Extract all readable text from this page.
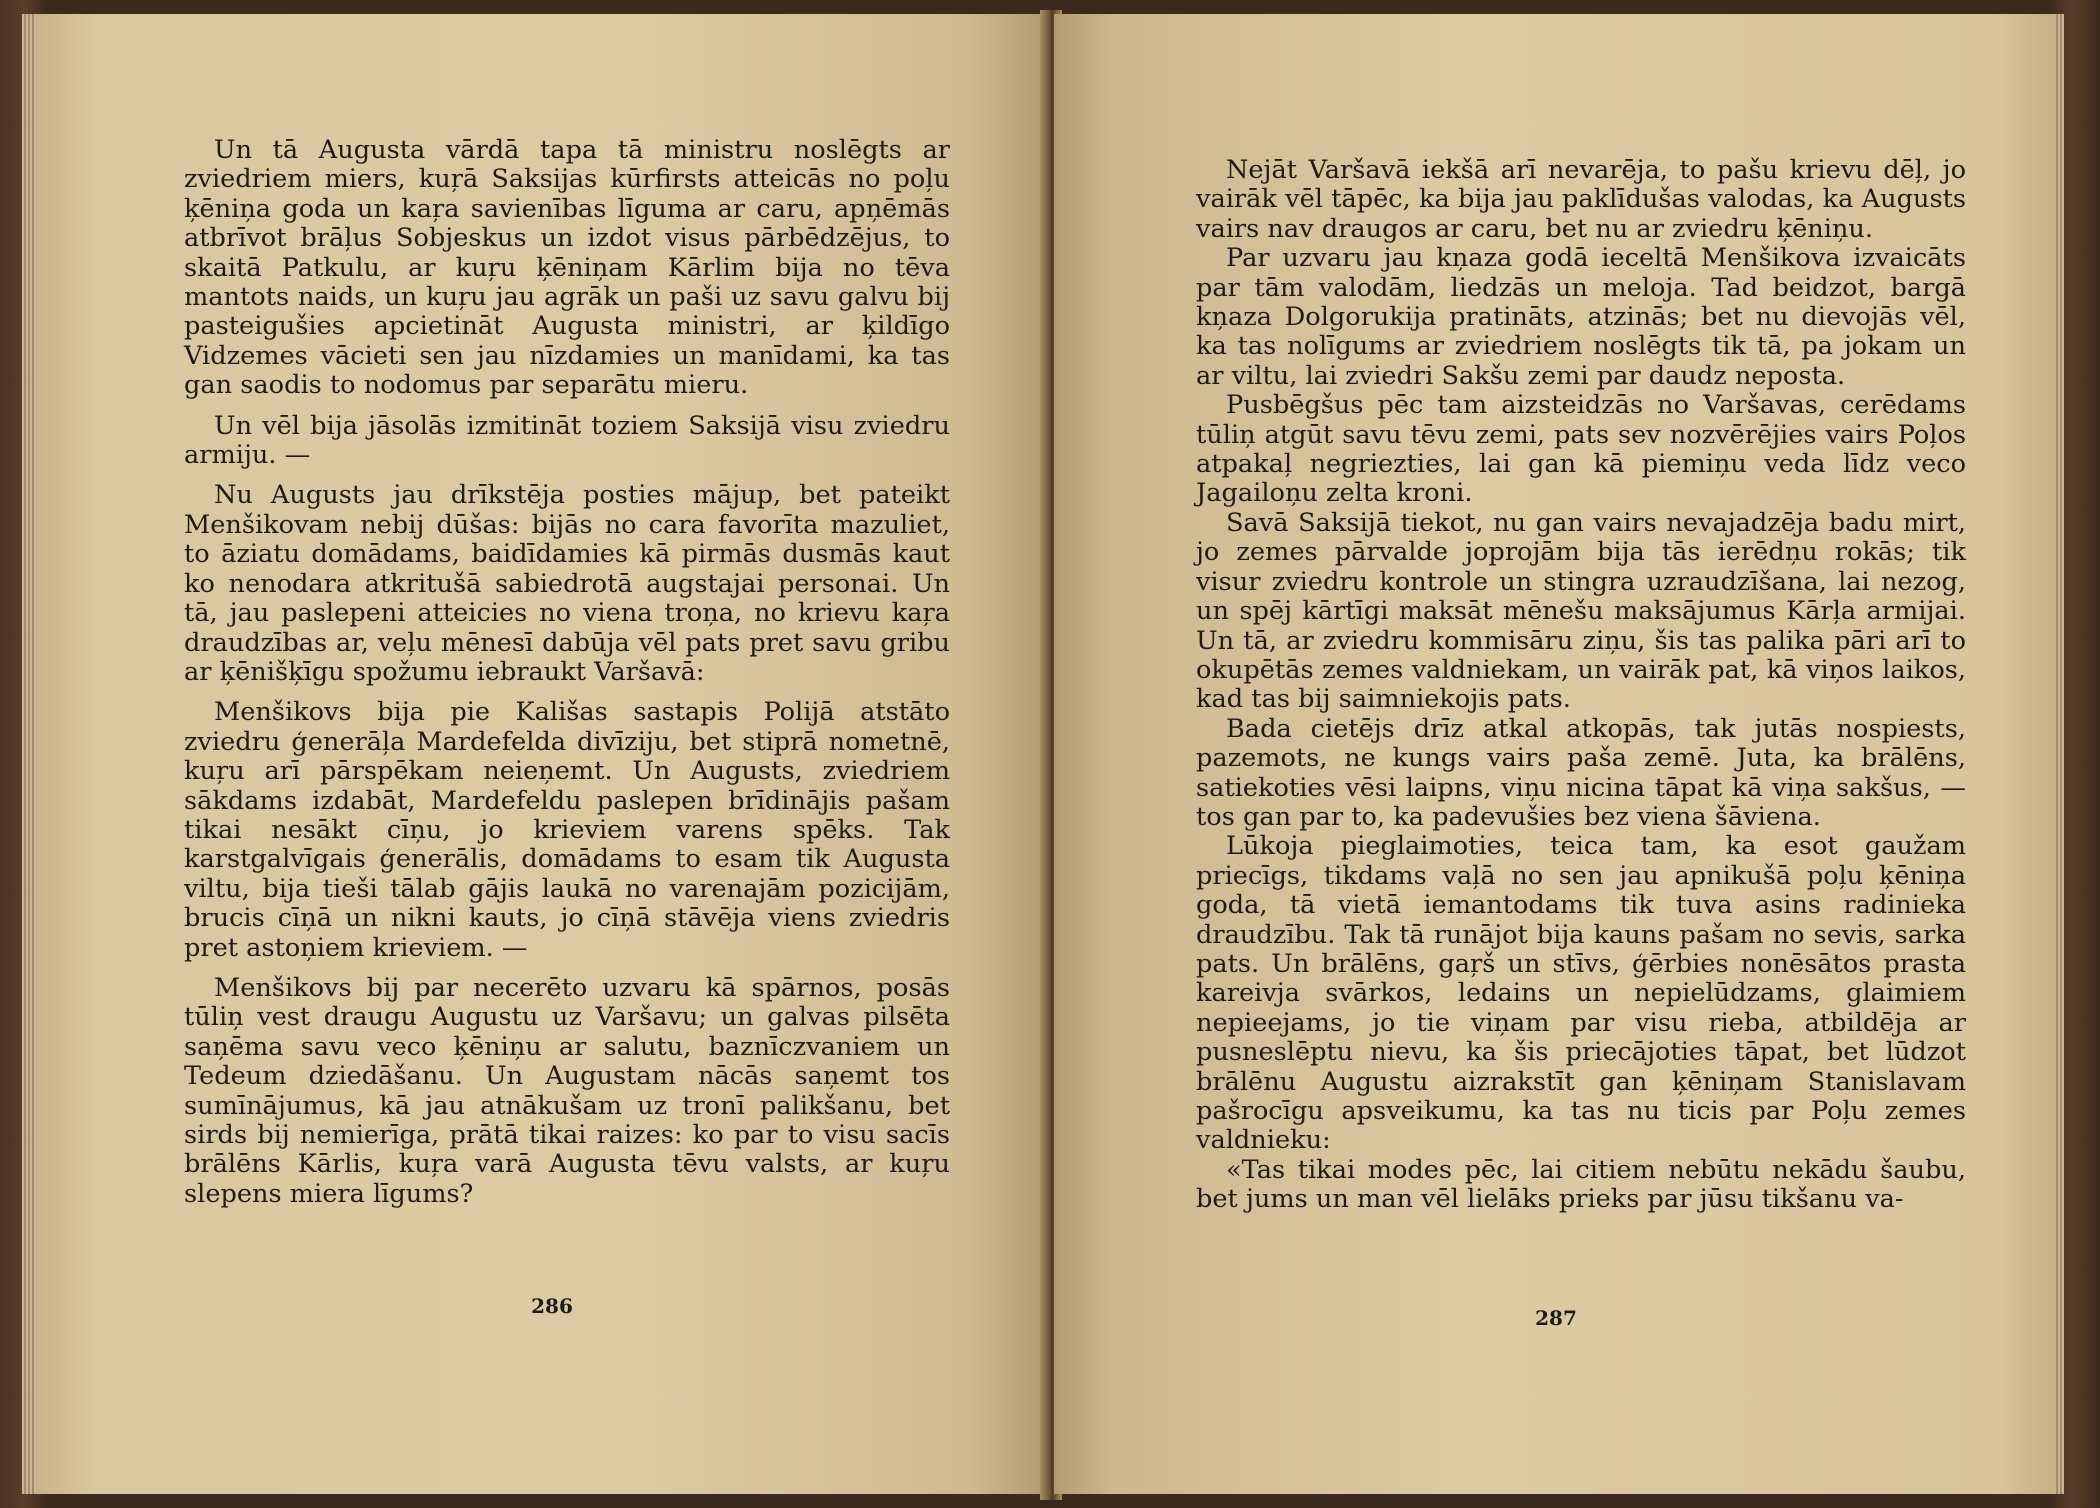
Un tā Augusta vārdā tapa tā ministru noslēgts ar zviedriem miers, kuŗā Saksijas kūrfirsts atteicās no poļu ķēniņa goda un kaŗa savienības līguma ar caru, apņēmās atbrīvot brāļus Sobjeskus un izdot visus pārbēdzējus, to skaitā Patkulu, ar kuŗu ķēniņam Kārlim bija no tēva mantots naids, un kuŗu jau agrāk un paši uz savu galvu bij pasteigušies apcietināt Augusta ministri, ar ķildīgo Vidzemes vācieti sen jau nīzdamies un manīdami, ka tas gan saodis to nodomus par separātu mieru.

Un vēl bija jāsolās izmitināt toziem Saksijā visu zviedru armiju. —

Nu Augusts jau drīkstēja posties mājup, bet pateikt Menšikovam nebij dūšas: bijās no cara favorīta mazuliet, to āziatu domādams, baidīdamies kā pirmās dusmās kaut ko nenodara atkritušā sabiedrotā augstajai personai. Un tā, jau paslepeni atteicies no viena troņa, no krievu kaŗa draudzības ar, veļu mēnesī dabūja vēl pats pret savu gribu ar ķēnišķīgu spožumu iebraukt Varšavā:

Menšikovs bija pie Kališas sastapis Polijā atstāto zviedru ģenerāļa Mardefelda divīziju, bet stiprā nometnē, kuŗu arī pārspēkam neieņemt. Un Augusts, zviedriem sākdams izdabāt, Mardefeldu paslepen brīdinājis pašam tikai nesākt cīņu, jo krieviem varens spēks. Tak karstgalvīgais ģenerālis, domādams to esam tik Augusta viltu, bija tieši tālab gājis laukā no varenajām pozicijām, brucis cīņā un nikni kauts, jo cīņā stāvēja viens zviedris pret astoņiem krieviem. —

Menšikovs bij par necerēto uzvaru kā spārnos, posās tūliņ vest draugu Augustu uz Varšavu; un galvas pilsēta saņēma savu veco ķēniņu ar salutu, baznīczvaniem un Tedeum dziedāšanu. Un Augustam nācās saņemt tos sumīnājumus, kā jau atnākušam uz tronī palikšanu, bet sirds bij nemierīga, prātā tikai raizes: ko par to visu sacīs brālēns Kārlis, kuŗa varā Augusta tēvu valsts, ar kuŗu slepens miera līgums?

286

Nejāt Varšavā iekšā arī nevarēja, to pašu krievu dēļ, jo vairāk vēl tāpēc, ka bija jau paklīdušas valodas, ka Augusts vairs nav draugos ar caru, bet nu ar zviedru ķēniņu.

Par uzvaru jau kņaza godā ieceltā Menšikova izvaicāts par tām valodām, liedzās un meloja. Tad beidzot, bargā kņaza Dolgorukija pratināts, atzinās; bet nu dievojās vēl, ka tas nolīgums ar zviedriem noslēgts tik tā, pa jokam un ar viltu, lai zviedri Sakšu zemi par daudz neposta.

Pusbēgšus pēc tam aizsteidzās no Varšavas, cerēdams tūliņ atgūt savu tēvu zemi, pats sev nozvērējies vairs Poļos atpakaļ negriezties, lai gan kā piemiņu veda līdz veco Jagailoņu zelta kroni.

Savā Saksijā tiekot, nu gan vairs nevajadzēja badu mirt, jo zemes pārvalde joprojām bija tās ierēdņu rokās; tik visur zviedru kontrole un stingra uzraudzīšana, lai nezog, un spēj kārtīgi maksāt mēnešu maksājumus Kārļa armijai. Un tā, ar zviedru kommisāru ziņu, šis tas palika pāri arī to okupētās zemes valdniekam, un vairāk pat, kā viņos laikos, kad tas bij saimniekojis pats.

Bada cietējs drīz atkal atkopās, tak jutās nospiests, pazemots, ne kungs vairs paša zemē. Juta, ka brālēns, satiekoties vēsi laipns, viņu nicina tāpat kā viņa sakšus, — tos gan par to, ka padevušies bez viena šāviena.

Lūkoja pieglaimoties, teica tam, ka esot gaužam priecīgs, tikdams vaļā no sen jau apnikušā poļu ķēniņa goda, tā vietā iemantodams tik tuva asins radinieka draudzību. Tak tā runājot bija kauns pašam no sevis, sarka pats. Un brālēns, gaŗš un stīvs, ģērbies nonēsātos prasta kareivja svārkos, ledains un nepielūdzams, glaimiem nepieejams, jo tie viņam par visu rieba, atbildēja ar pusneslēptu nievu, ka šis priecājoties tāpat, bet lūdzot brālēnu Augustu aizrakstīt gan ķēniņam Stanislavam pašrocīgu apsveikumu, ka tas nu ticis par Poļu zemes valdnieku:

«Tas tikai modes pēc, lai citiem nebūtu nekādu šaubu, bet jums un man vēl lielāks prieks par jūsu tikšanu va-

287
